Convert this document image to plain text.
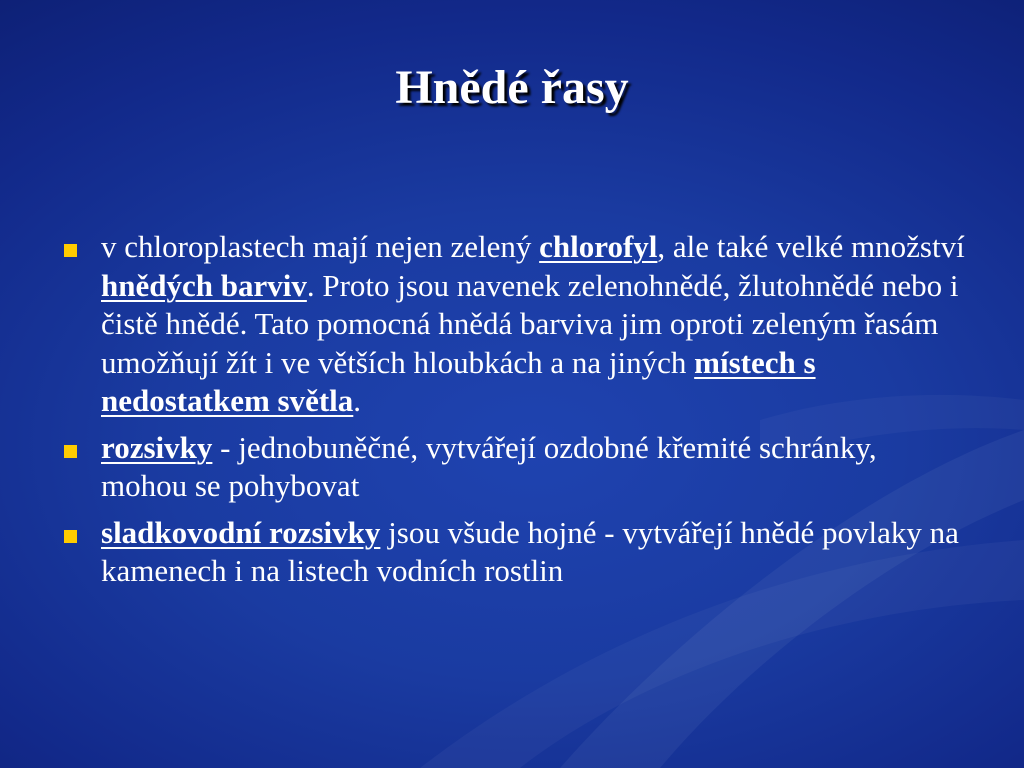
Hnědé řasy
v chloroplastech mají nejen zelený chlorofyl, ale také velké množství hnědých barviv. Proto jsou navenek zelenohnědé, žlutohnědé nebo i čistě hnědé. Tato pomocná hnědá barviva jim oproti zeleným řasám umožňují žít i ve větších hloubkách a na jiných místech s nedostatkem světla.
rozsivky - jednobuněčné, vytvářejí ozdobné křemité schránky, mohou se pohybovat
sladkovodní rozsivky jsou všude hojné - vytvářejí hnědé povlaky na kamenech i na listech vodních rostlin
